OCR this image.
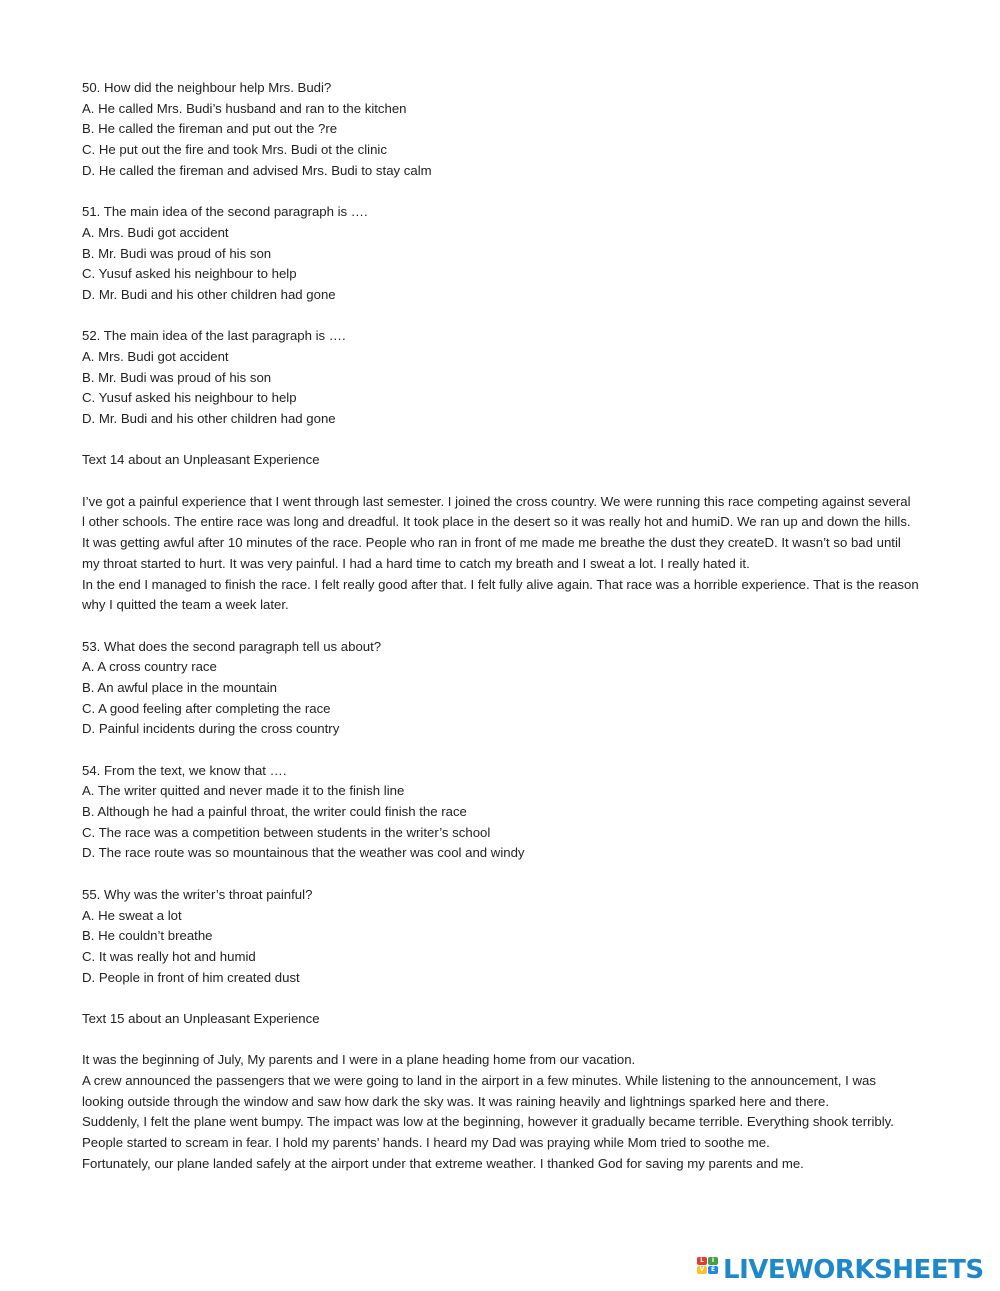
50. How did the neighbour help Mrs. Budi?
A. He called Mrs. Budi’s husband and ran to the kitchen
B. He called the fireman and put out the ?re
C. He put out the fire and took Mrs. Budi ot the clinic
D. He called the fireman and advised Mrs. Budi to stay calm
51. The main idea of the second paragraph is ….
A. Mrs. Budi got accident
B. Mr. Budi was proud of his son
C. Yusuf asked his neighbour to help
D. Mr. Budi and his other children had gone
52. The main idea of the last paragraph is ….
A. Mrs. Budi got accident
B. Mr. Budi was proud of his son
C. Yusuf asked his neighbour to help
D. Mr. Budi and his other children had gone
Text 14 about an Unpleasant Experience
I’ve got a painful experience that I went through last semester. I joined the cross country. We were running this race competing against several
l other schools. The entire race was long and dreadful. It took place in the desert so it was really hot and humiD. We ran up and down the hills.
It was getting awful after 10 minutes of the race. People who ran in front of me made me breathe the dust they createD. It wasn’t so bad until
my throat started to hurt. It was very painful. I had a hard time to catch my breath and I sweat a lot. I really hated it.
In the end I managed to finish the race. I felt really good after that. I felt fully alive again. That race was a horrible experience. That is the reason
why I quitted the team a week later.
53. What does the second paragraph tell us about?
A. A cross country race
B. An awful place in the mountain
C. A good feeling after completing the race
D. Painful incidents during the cross country
54. From the text, we know that ….
A. The writer quitted and never made it to the finish line
B. Although he had a painful throat, the writer could finish the race
C. The race was a competition between students in the writer’s school
D. The race route was so mountainous that the weather was cool and windy
55. Why was the writer’s throat painful?
A. He sweat a lot
B. He couldn’t breathe
C. It was really hot and humid
D. People in front of him created dust
Text 15 about an Unpleasant Experience
It was the beginning of July, My parents and I were in a plane heading home from our vacation.
A crew announced the passengers that we were going to land in the airport in a few minutes. While listening to the announcement, I was
looking outside through the window and saw how dark the sky was. It was raining heavily and lightnings sparked here and there.
Suddenly, I felt the plane went bumpy. The impact was low at the beginning, however it gradually became terrible. Everything shook terribly.
People started to scream in fear. I hold my parents’ hands. I heard my Dad was praying while Mom tried to soothe me.
Fortunately, our plane landed safely at the airport under that extreme weather. I thanked God for saving my parents and me.
L	I
V	E LIVEWORKSHEETS
